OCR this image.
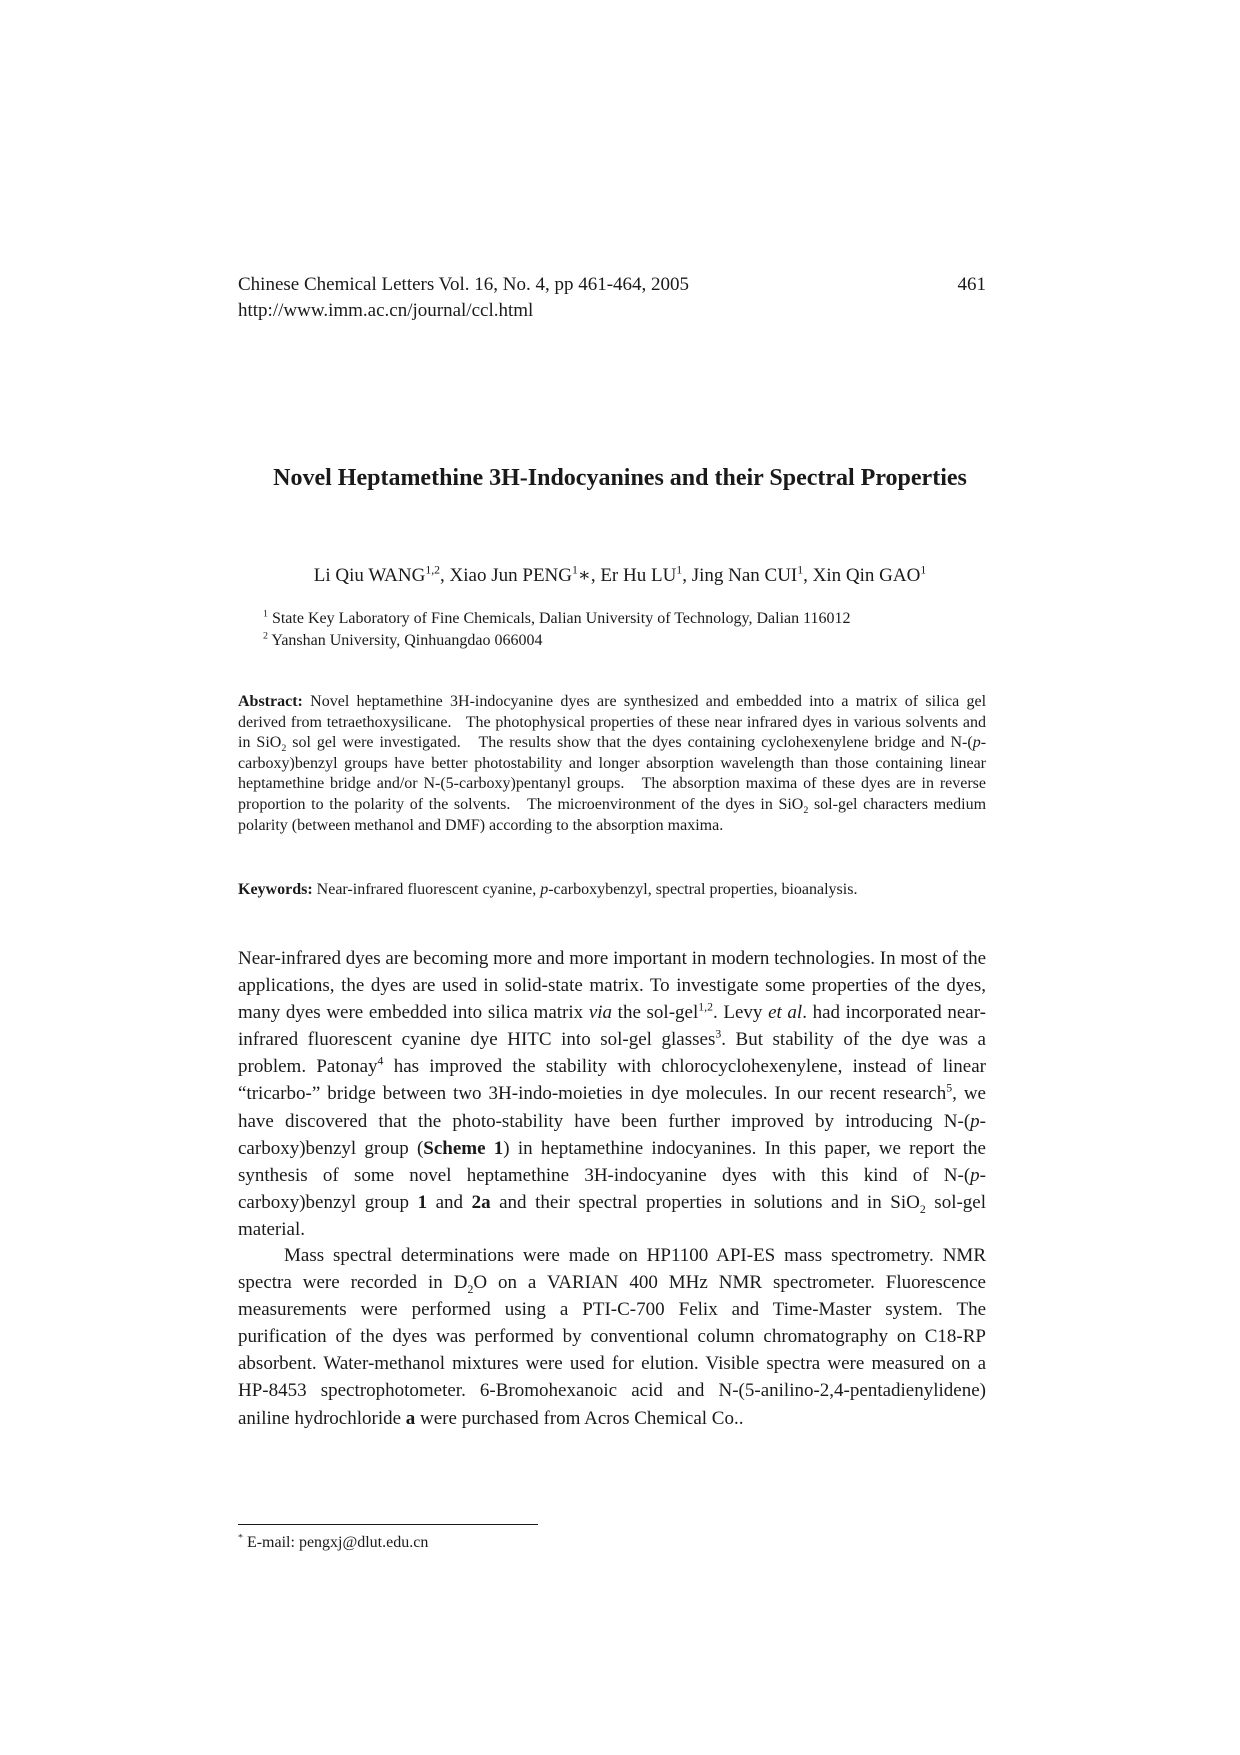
Chinese Chemical Letters Vol. 16, No. 4, pp 461-464, 2005
http://www.imm.ac.cn/journal/ccl.html
461
Novel Heptamethine 3H-Indocyanines and their Spectral Properties
Li Qiu WANG$^{1,2}$, Xiao Jun PENG$^1$∗, Er Hu $LU^1$, Jing Nan CUI$^1$, Xin Qin GAO$^1$
$^1$ State Key Laboratory of Fine Chemicals, Dalian University of Technology, Dalian 116012
$^2$ Yanshan University, Qinhuangdao 066004

Abstract: Novel heptamethine 3H-indocyanine dyes are synthesized and embedded into a matrix of silica gel derived from tetraethoxysilicane. The photophysical properties of these near infrared dyes in various solvents and in SiO$_2$ sol gel were investigated. The results show that the dyes containing cyclohexenylene bridge and N-(p-carboxy)benzyl groups have better photostability and longer absorption wavelength than those containing linear heptamethine bridge and/or N-(5-carboxy)pentanyl groups. The absorption maxima of these dyes are in reverse proportion to the polarity of the solvents. The microenvironment of the dyes in SiO$_2$ sol-gel characters medium polarity (between methanol and DMF) according to the absorption maxima.

Keywords: Near-infrared fluorescent cyanine, p-carboxybenzyl, spectral properties, bioanalysis.

Near-infrared dyes are becoming more and more important in modern technologies. In most of the applications, the dyes are used in solid-state matrix. To investigate some properties of the dyes, many dyes were embedded into silica matrix via the sol-gel$^{1,2}$. Levy et al. had incorporated near-infrared fluorescent cyanine dye HITC into sol-gel glasses$^3$. But stability of the dye was a problem. Patonay$^4$ has improved the stability with chlorocyclohexenylene, instead of linear “tricarbo-” bridge between two 3H-indo-moieties in dye molecules. In our recent research$^5$, we have discovered that the photo-stability have been further improved by introducing N-(p-carboxy)benzyl group (Scheme 1) in heptamethine indocyanines. In this paper, we report the synthesis of some novel heptamethine 3H-indocyanine dyes with this kind of N-(p-carboxy)benzyl group 1 and 2a and their spectral properties in solutions and in SiO$_2$ sol-gel material.

Mass spectral determinations were made on HP1100 API-ES mass spectrometry. NMR spectra were recorded in $D_2O$ on a VARIAN 400 MHz NMR spectrometer. Fluorescence measurements were performed using a PTI-C-700 Felix and Time-Master system. The purification of the dyes was performed by conventional column chromatography on C18-RP absorbent. Water-methanol mixtures were used for elution. Visible spectra were measured on a HP-8453 spectrophotometer. 6-Bromohexanoic acid and N-(5-anilino-2,4-pentadienylidene) aniline hydrochloride a were purchased from Acros Chemical Co..

* E-mail: pengxj@dlut.edu.cn
